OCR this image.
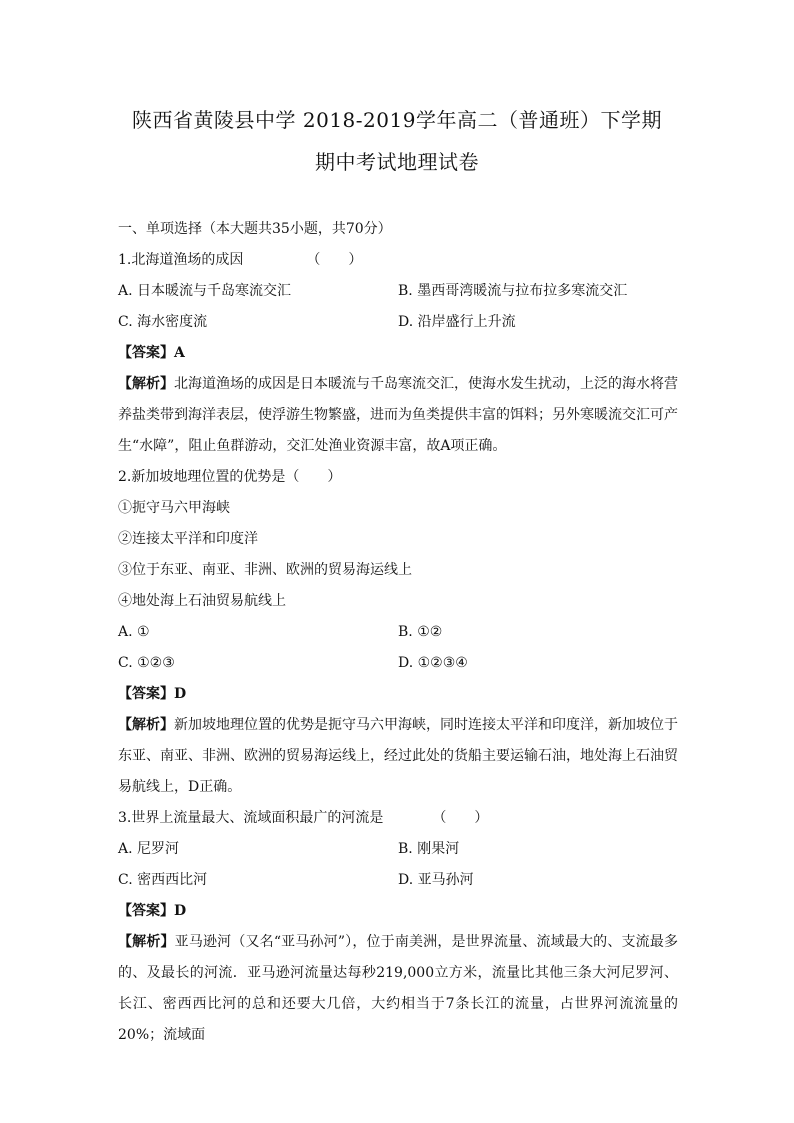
陕西省黄陵县中学 2018-2019学年高二（普通班）下学期
期中考试地理试卷
一、单项选择（本大题共35小题，共70分）
1.北海道渔场的成因　　　　　（　　）
A. 日本暖流与千岛寒流交汇	B. 墨西哥湾暖流与拉布拉多寒流交汇
C. 海水密度流	D. 沿岸盛行上升流
【答案】A
【解析】北海道渔场的成因是日本暖流与千岛寒流交汇，使海水发生扰动，上泛的海水将营养盐类带到海洋表层，使浮游生物繁盛，进而为鱼类提供丰富的饵料；另外寒暖流交汇可产生“水障”，阻止鱼群游动，交汇处渔业资源丰富，故A项正确。
2.新加坡地理位置的优势是（　　）
①扼守马六甲海峡
②连接太平洋和印度洋
③位于东亚、南亚、非洲、欧洲的贸易海运线上
④地处海上石油贸易航线上
A. ①	B. ①②
C. ①②③	D. ①②③④
【答案】D
【解析】新加坡地理位置的优势是扼守马六甲海峡，同时连接太平洋和印度洋，新加坡位于东亚、南亚、非洲、欧洲的贸易海运线上，经过此处的货船主要运输石油，地处海上石油贸易航线上，D正确。
3.世界上流量最大、流域面积最广的河流是　　　　（　　）
A. 尼罗河	B. 刚果河
C. 密西西比河	D. 亚马孙河
【答案】D
【解析】亚马逊河（又名“亚马孙河”），位于南美洲，是世界流量、流域最大的、支流最多的、及最长的河流．亚马逊河流量达每秒219,000立方米，流量比其他三条大河尼罗河、长江、密西西比河的总和还要大几倍，大约相当于7条长江的流量，占世界河流流量的20%；流域面
